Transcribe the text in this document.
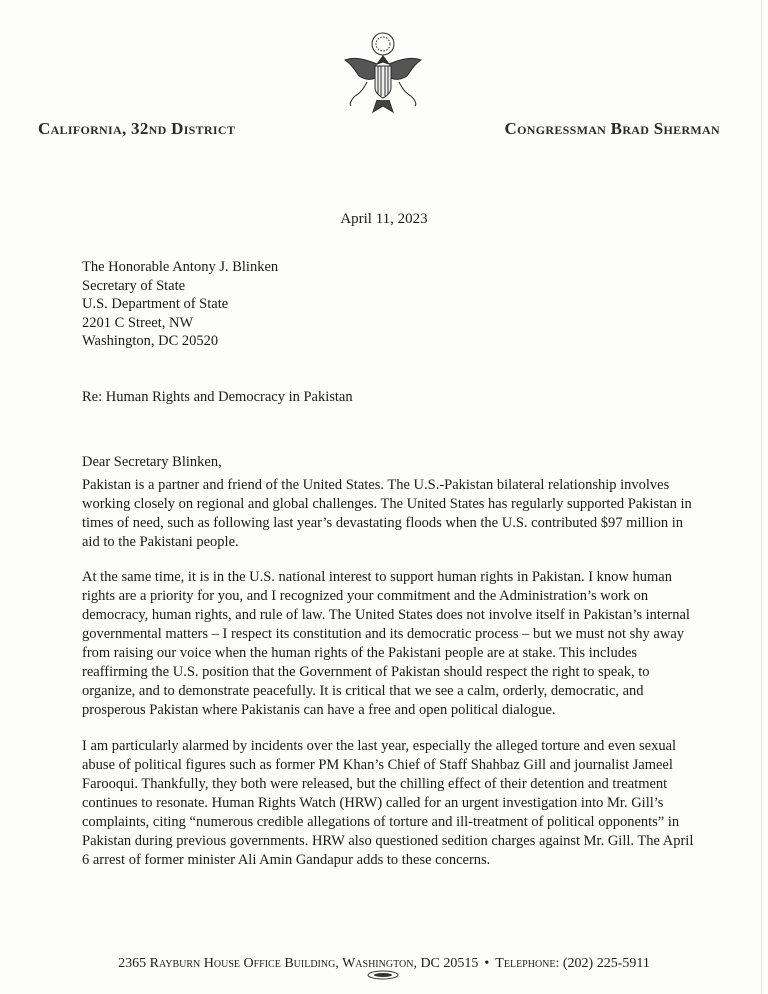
California, 32nd District	Congressman Brad Sherman
April 11, 2023
The Honorable Antony J. Blinken
Secretary of State
U.S. Department of State
2201 C Street, NW
Washington, DC 20520
Re: Human Rights and Democracy in Pakistan
Dear Secretary Blinken,

Pakistan is a partner and friend of the United States. The U.S.-Pakistan bilateral relationship involves working closely on regional and global challenges. The United States has regularly supported Pakistan in times of need, such as following last year’s devastating floods when the U.S. contributed $97 million in aid to the Pakistani people.

At the same time, it is in the U.S. national interest to support human rights in Pakistan. I know human rights are a priority for you, and I recognized your commitment and the Administration’s work on democracy, human rights, and rule of law. The United States does not involve itself in Pakistan’s internal governmental matters – I respect its constitution and its democratic process – but we must not shy away from raising our voice when the human rights of the Pakistani people are at stake. This includes reaffirming the U.S. position that the Government of Pakistan should respect the right to speak, to organize, and to demonstrate peacefully. It is critical that we see a calm, orderly, democratic, and prosperous Pakistan where Pakistanis can have a free and open political dialogue.

I am particularly alarmed by incidents over the last year, especially the alleged torture and even sexual abuse of political figures such as former PM Khan’s Chief of Staff Shahbaz Gill and journalist Jameel Farooqui. Thankfully, they both were released, but the chilling effect of their detention and treatment continues to resonate. Human Rights Watch (HRW) called for an urgent investigation into Mr. Gill’s complaints, citing “numerous credible allegations of torture and ill-treatment of political opponents” in Pakistan during previous governments. HRW also questioned sedition charges against Mr. Gill. The April 6 arrest of former minister Ali Amin Gandapur adds to these concerns.

2365 Rayburn House Office Building, Washington, DC 20515 • Telephone: (202) 225-5911
